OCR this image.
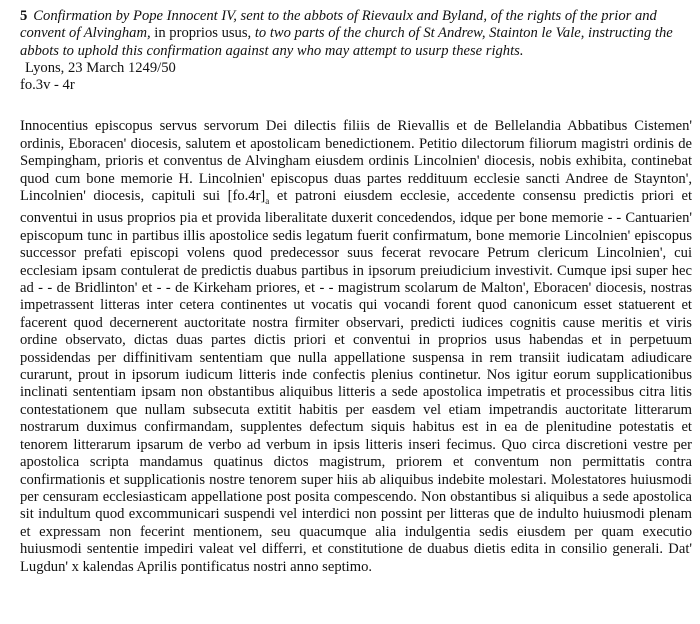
5 Confirmation by Pope Innocent IV, sent to the abbots of Rievaulx and Byland, of the rights of the prior and convent of Alvingham, in proprios usus, to two parts of the church of St Andrew, Stainton le Vale, instructing the abbots to uphold this confirmation against any who may attempt to usurp these rights.

Lyons, 23 March 1249/50

fo.3v - 4r

Innocentius episcopus servus servorum Dei dilectis filiis de Rievallis et de Bellelandia Abbatibus Cistemen' ordinis, Eboracen' diocesis, salutem et apostolicam benedictionem. Petitio dilectorum filiorum magistri ordinis de Sempingham, prioris et conventus de Alvingham eiusdem ordinis Lincolnien' diocesis, nobis exhibita, continebat quod cum bone memorie H. Lincolnien' episcopus duas partes reddituum ecclesie sancti Andree de Staynton', Lincolnien' diocesis, capituli sui $[fo.4r]_a$ et patroni eiusdem ecclesie, accedente consensu predictis priori et conventui in usus proprios pia et provida liberalitate duxerit concedendos, idque per bone memorie - - Cantuarien' episcopum tunc in partibus illis apostolice sedis legatum fuerit confirmatum, bone memorie Lincolnien' episcopus successor prefati episcopi volens quod predecessor suus fecerat revocare Petrum clericum Lincolnien', cui ecclesiam ipsam contulerat de predictis duabus partibus in ipsorum preiudicium investivit. Cumque ipsi super hec ad - - de Bridlinton' et - - de Kirkeham priores, et - - magistrum scolarum de Malton', Eboracen' diocesis, nostras impetrassent litteras inter cetera continentes ut vocatis qui vocandi forent quod canonicum esset statuerent et facerent quod decernerent auctoritate nostra firmiter observari, predicti iudices cognitis cause meritis et viris ordine observato, dictas duas partes dictis priori et conventui in proprios usus habendas et in perpetuum possidendas per diffinitivam sententiam que nulla appellatione suspensa in rem transiit iudicatam adiudicare curarunt, prout in ipsorum iudicum litteris inde confectis plenius continetur. Nos igitur eorum supplicationibus inclinati sententiam ipsam non obstantibus aliquibus litteris a sede apostolica impetratis et processibus citra litis contestationem que nullam subsecuta extitit habitis per easdem vel etiam impetrandis auctoritate litterarum nostrarum duximus confirmandam, supplentes defectum siquis habitus est in ea de plenitudine potestatis et tenorem litterarum ipsarum de verbo ad verbum in ipsis litteris inseri fecimus. Quo circa discretioni vestre per apostolica scripta mandamus quatinus dictos magistrum, priorem et conventum non permittatis contra confirmationis et supplicationis nostre tenorem super hiis ab aliquibus indebite molestari. Molestatores huiusmodi per censuram ecclesiasticam appellatione post posita compescendo. Non obstantibus si aliquibus a sede apostolica sit indultum quod excommunicari suspendi vel interdici non possint per litteras que de indulto huiusmodi plenam et expressam non fecerint mentionem, seu quacumque alia indulgentia sedis eiusdem per quam executio huiusmodi sententie impediri valeat vel differri, et constitutione de duabus dietis edita in consilio generali. Dat' Lugdun' x kalendas Aprilis pontificatus nostri anno septimo.
